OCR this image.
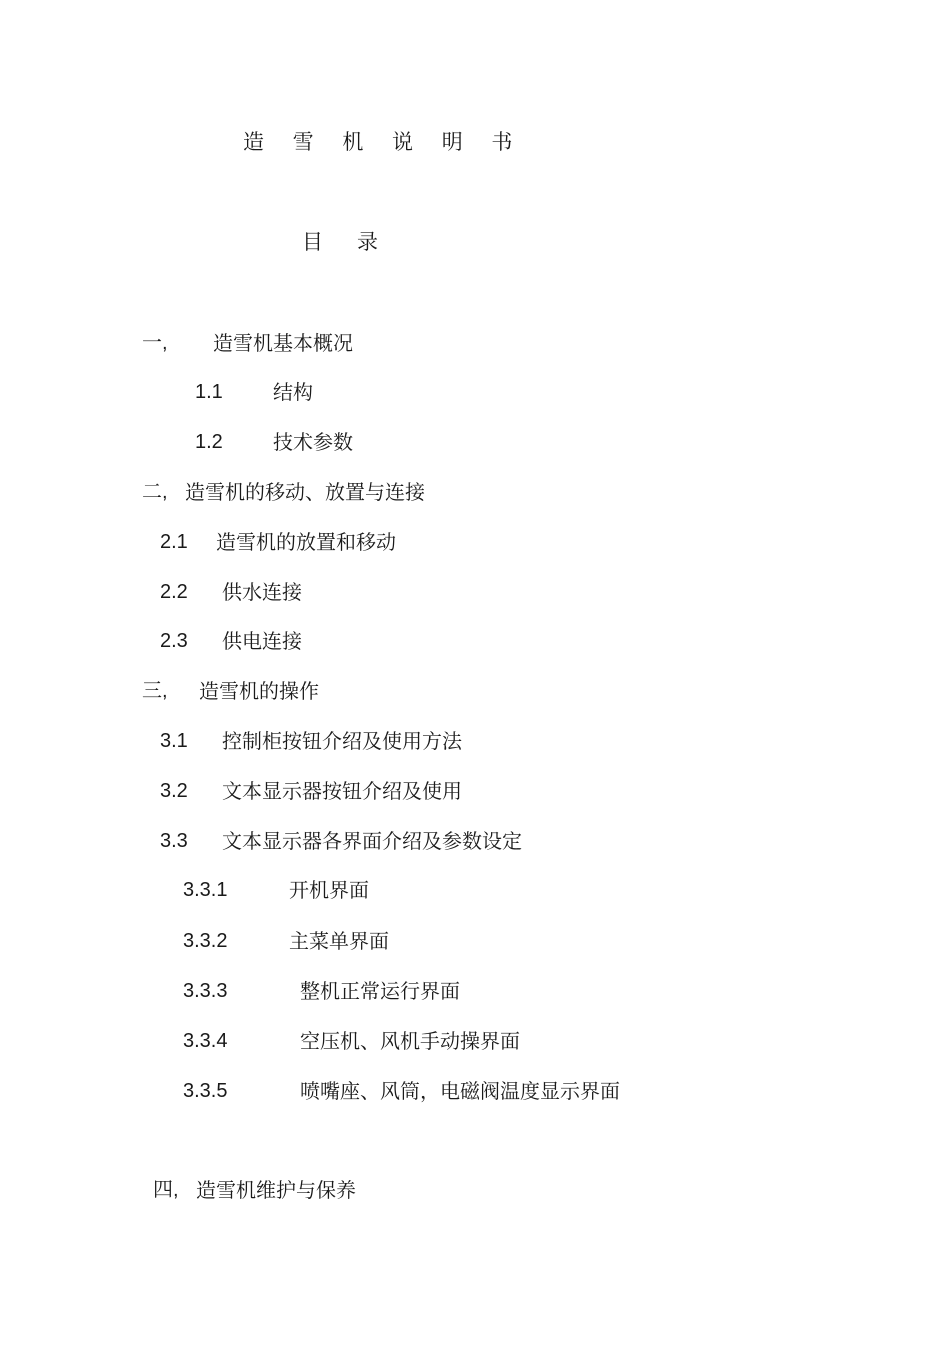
造 雪 机 说 明 书
目 录
一, 造雪机基本概况
1.1	结构
1.2	技术参数
二, 造雪机的移动、放置与连接
2.1 造雪机的放置和移动
2.2 供水连接
2.3 供电连接
三, 造雪机的操作
3.1 控制柜按钮介绍及使用方法
3.2 文本显示器按钮介绍及使用
3.3 文本显示器各界面介绍及参数设定
3.3.1	开机界面
3.3.2	主菜单界面
3.3.3	整机正常运行界面
3.3.4	空压机、风机手动操界面
3.3.5	喷嘴座、风筒，电磁阀温度显示界面
四, 造雪机维护与保养
